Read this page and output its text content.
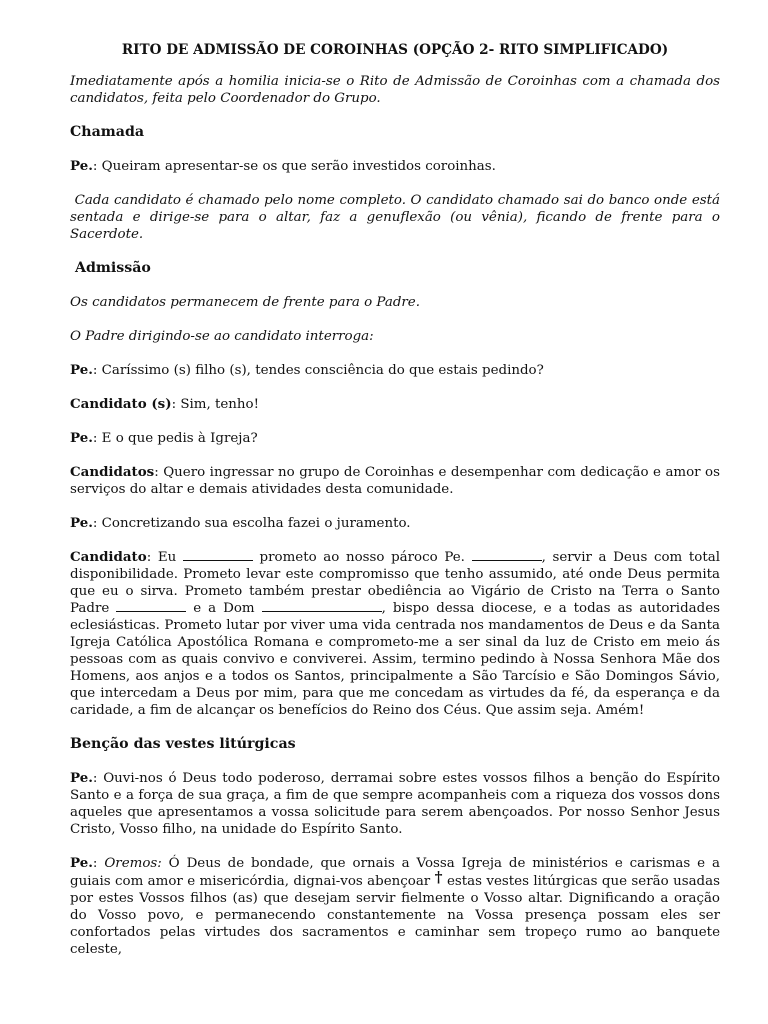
RITO DE ADMISSÃO DE COROINHAS (OPÇÃO 2- RITO SIMPLIFICADO)

Imediatamente após a homilia inicia-se o Rito de Admissão de Coroinhas com a chamada dos candidatos, feita pelo Coordenador do Grupo.

Chamada

Pe.: Queiram apresentar-se os que serão investidos coroinhas.

Cada candidato é chamado pelo nome completo. O candidato chamado sai do banco onde está sentada e dirige-se para o altar, faz a genuflexão (ou vênia), ficando de frente para o Sacerdote.

Admissão

Os candidatos permanecem de frente para o Padre.

O Padre dirigindo-se ao candidato interroga:

Pe.: Caríssimo (s) filho (s), tendes consciência do que estais pedindo?

Candidato (s): Sim, tenho!

Pe.: E o que pedis à Igreja?

Candidatos: Quero ingressar no grupo de Coroinhas e desempenhar com dedicação e amor os serviços do altar e demais atividades desta comunidade.

Pe.: Concretizando sua escolha fazei o juramento.

Candidato: Eu	prometo ao nosso pároco Pe.	, servir a Deus com total disponibilidade. Prometo levar este compromisso que tenho assumido, até onde Deus permita que eu o sirva. Prometo também prestar obediência ao Vigário de Cristo na Terra o Santo Padre	e a Dom	, bispo dessa diocese, e a todas as autoridades eclesiásticas. Prometo lutar por viver uma vida centrada nos mandamentos de Deus e da Santa Igreja Católica Apostólica Romana e comprometo-me a ser sinal da luz de Cristo em meio ás pessoas com as quais convivo e conviverei. Assim, termino pedindo à Nossa Senhora Mãe dos Homens, aos anjos e a todos os Santos, principalmente a São Tarcísio e São Domingos Sávio, que intercedam a Deus por mim, para que me concedam as virtudes da fé, da esperança e da caridade, a fim de alcançar os benefícios do Reino dos Céus. Que assim seja. Amém!

Benção das vestes litúrgicas

Pe.: Ouvi-nos ó Deus todo poderoso, derramai sobre estes vossos filhos a benção do Espírito Santo e a força de sua graça, a fim de que sempre acompanheis com a riqueza dos vossos dons aqueles que apresentamos a vossa solicitude para serem abençoados. Por nosso Senhor Jesus Cristo, Vosso filho, na unidade do Espírito Santo.

Pe.: Oremos: Ó Deus de bondade, que ornais a Vossa Igreja de ministérios e carismas e a guiais com amor e misericórdia, dignai-vos abençoar † estas vestes litúrgicas que serão usadas por estes Vossos filhos (as) que desejam servir fielmente o Vosso altar. Dignificando a oração do Vosso povo, e permanecendo constantemente na Vossa presença possam eles ser confortados pelas virtudes dos sacramentos e caminhar sem tropeço rumo ao banquete celeste,
